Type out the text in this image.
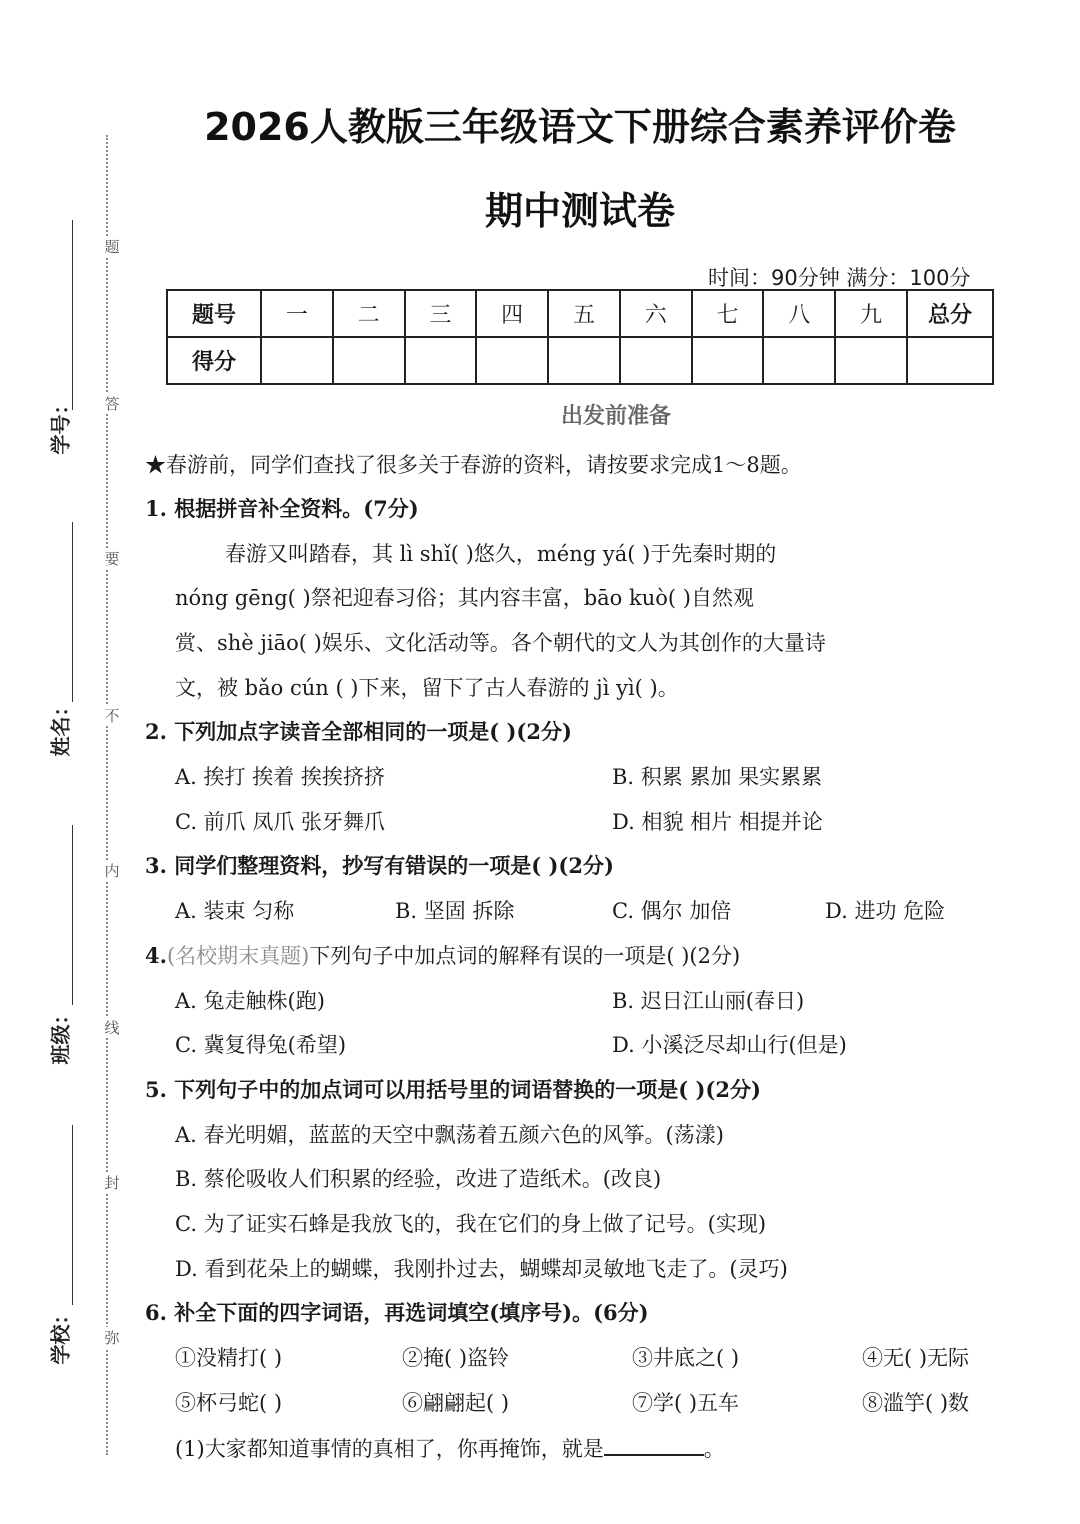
题
答
要
不
内
线
封
弥
学号：
姓名：
班级：
学校：
2026人教版三年级语文下册综合素养评价卷
期中测试卷
时间：90分钟 满分：100分
题号	一	二	三	四	五	六	七	八	九	总分
得分										
出发前准备
★春游前，同学们查找了很多关于春游的资料，请按要求完成1～8题。
1. 根据拼音补全资料。(7分)
春游又叫踏春，其 lì shǐ( )悠久，méng yá( )于先秦时期的
nóng gēng( )祭祀迎春习俗；其内容丰富，bāo kuò( )自然观
赏、shè jiāo( )娱乐、文化活动等。各个朝代的文人为其创作的大量诗
文，被 bǎo cún ( )下来，留下了古人春游的 jì yì( )。
2. 下列加点字读音全部相同的一项是( )(2分)
A. 挨打 挨着 挨挨挤挤	B. 积累 累加 果实累累
C. 前爪 凤爪 张牙舞爪	D. 相貌 相片 相提并论
3. 同学们整理资料，抄写有错误的一项是( )(2分)
A. 装束 匀称	B. 坚固 拆除	C. 偶尔 加倍	D. 进功 危险
4.(名校期末真题)下列句子中加点词的解释有误的一项是( )(2分)
A. 兔走触株(跑)	B. 迟日江山丽(春日)
C. 冀复得兔(希望)	D. 小溪泛尽却山行(但是)
5. 下列句子中的加点词可以用括号里的词语替换的一项是( )(2分)
A. 春光明媚，蓝蓝的天空中飘荡着五颜六色的风筝。(荡漾)
B. 蔡伦吸收人们积累的经验，改进了造纸术。(改良)
C. 为了证实石蜂是我放飞的，我在它们的身上做了记号。(实现)
D. 看到花朵上的蝴蝶，我刚扑过去，蝴蝶却灵敏地飞走了。(灵巧)
6. 补全下面的四字词语，再选词填空(填序号)。(6分)
①没精打( )	②掩( )盗铃	③井底之( )	④无( )无际
⑤杯弓蛇( )	⑥翩翩起( )	⑦学( )五车	⑧滥竽( )数
(1)大家都知道事情的真相了，你再掩饰，就是	。
